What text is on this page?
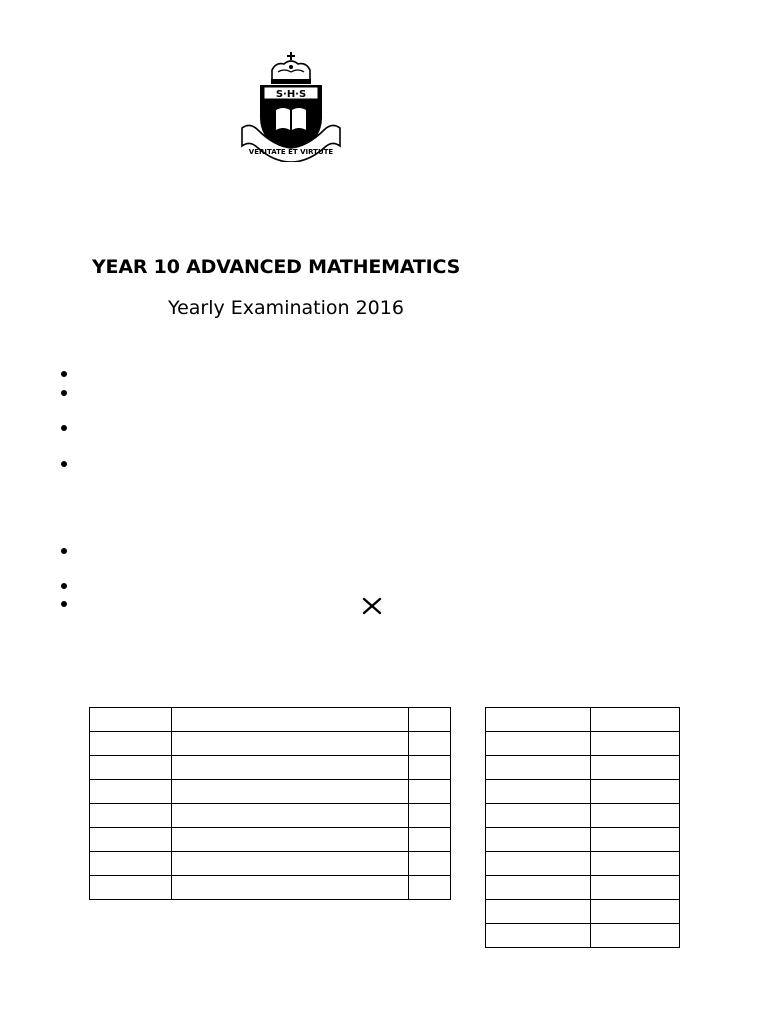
S·H·S
VERITATE ET VIRTUTE
YEAR 10 ADVANCED MATHEMATICS

Yearly Examination 2016
